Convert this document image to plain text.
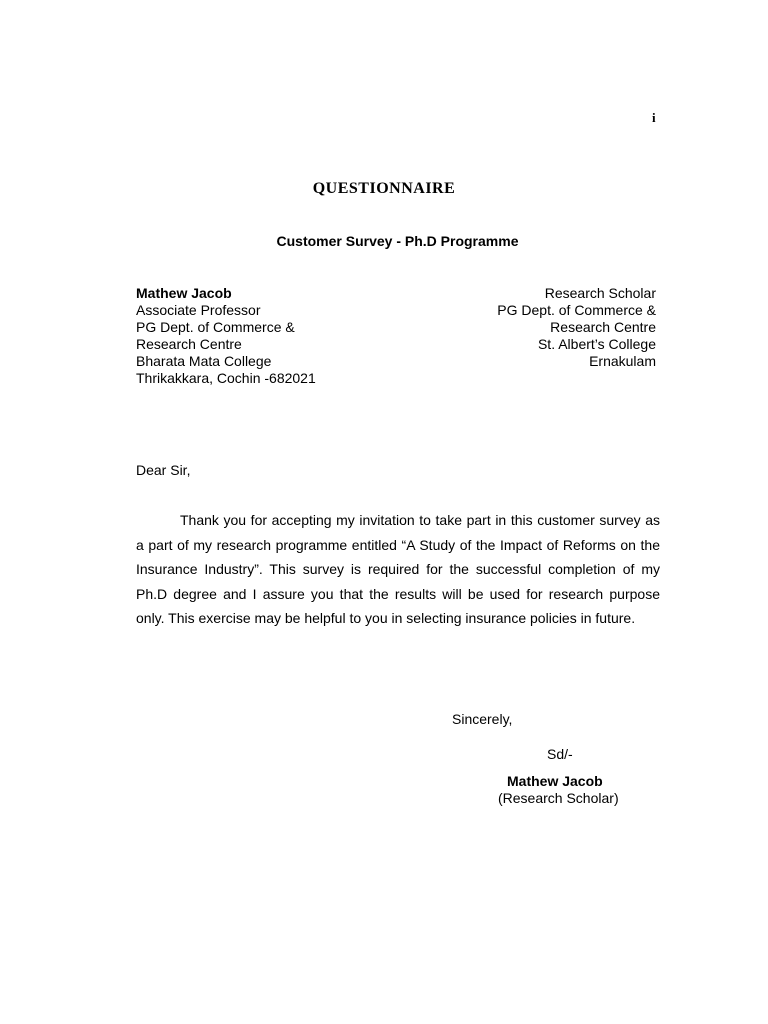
i
QUESTIONNAIRE
Customer Survey - Ph.D Programme
Mathew Jacob
Associate Professor
PG Dept. of Commerce &
Research Centre
Bharata Mata College
Thrikakkara, Cochin -682021
Research Scholar
PG Dept. of Commerce &
Research Centre
St. Albert’s College
Ernakulam
Dear Sir,

Thank you for accepting my invitation to take part in this customer survey as a part of my research programme entitled “A Study of the Impact of Reforms on the Insurance Industry”. This survey is required for the successful completion of my Ph.D degree and I assure you that the results will be used for research purpose only. This exercise may be helpful to you in selecting insurance policies in future.

Sincerely,
Sd/-
Mathew Jacob
(Research Scholar)
